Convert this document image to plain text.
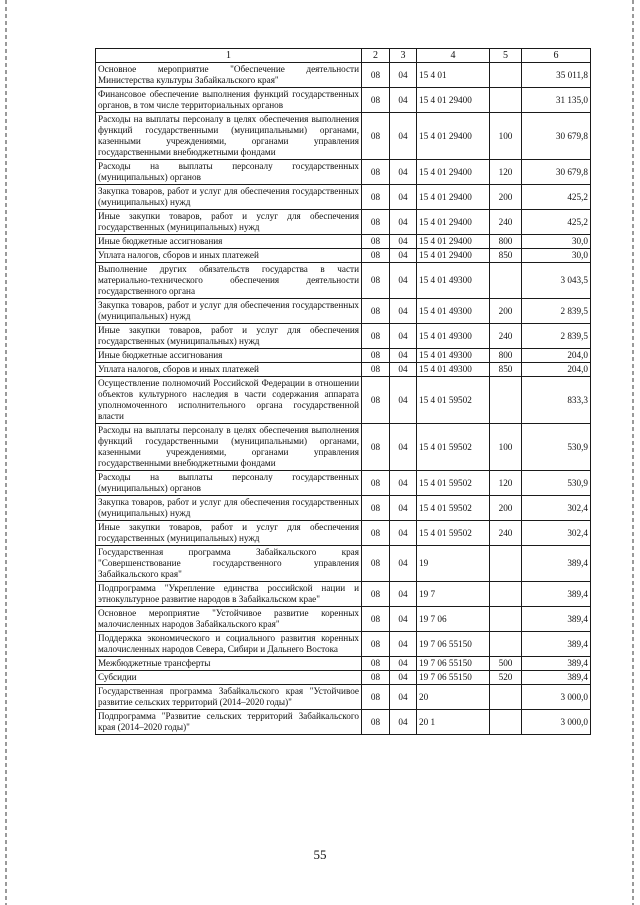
1	2	3	4	5	6
Основное мероприятие "Обеспечение деятельности Министерства культуры Забайкальского края"	08	04	15 4 01		35 011,8
Финансовое обеспечение выполнения функций государственных органов, в том числе территориальных органов	08	04	15 4 01 29400		31 135,0
Расходы на выплаты персоналу в целях обеспечения выполнения функций государственными (муниципальными) органами, казенными учреждениями, органами управления государственными внебюджетными фондами	08	04	15 4 01 29400	100	30 679,8
Расходы на выплаты персоналу государственных (муниципальных) органов	08	04	15 4 01 29400	120	30 679,8
Закупка товаров, работ и услуг для обеспечения государственных (муниципальных) нужд	08	04	15 4 01 29400	200	425,2
Иные закупки товаров, работ и услуг для обеспечения государственных (муниципальных) нужд	08	04	15 4 01 29400	240	425,2
Иные бюджетные ассигнования	08	04	15 4 01 29400	800	30,0
Уплата налогов, сборов и иных платежей	08	04	15 4 01 29400	850	30,0
Выполнение других обязательств государства в части материально-технического обеспечения деятельности государственного органа	08	04	15 4 01 49300		3 043,5
Закупка товаров, работ и услуг для обеспечения государственных (муниципальных) нужд	08	04	15 4 01 49300	200	2 839,5
Иные закупки товаров, работ и услуг для обеспечения государственных (муниципальных) нужд	08	04	15 4 01 49300	240	2 839,5
Иные бюджетные ассигнования	08	04	15 4 01 49300	800	204,0
Уплата налогов, сборов и иных платежей	08	04	15 4 01 49300	850	204,0
Осуществление полномочий Российской Федерации в отношении объектов культурного наследия в части содержания аппарата уполномоченного исполнительного органа государственной власти	08	04	15 4 01 59502		833,3
Расходы на выплаты персоналу в целях обеспечения выполнения функций государственными (муниципальными) органами, казенными учреждениями, органами управления государственными внебюджетными фондами	08	04	15 4 01 59502	100	530,9
Расходы на выплаты персоналу государственных (муниципальных) органов	08	04	15 4 01 59502	120	530,9
Закупка товаров, работ и услуг для обеспечения государственных (муниципальных) нужд	08	04	15 4 01 59502	200	302,4
Иные закупки товаров, работ и услуг для обеспечения государственных (муниципальных) нужд	08	04	15 4 01 59502	240	302,4
Государственная программа Забайкальского края "Совершенствование государственного управления Забайкальского края"	08	04	19		389,4
Подпрограмма "Укрепление единства российской нации и этнокультурное развитие народов в Забайкальском крае"	08	04	19 7		389,4
Основное мероприятие "Устойчивое развитие коренных малочисленных народов Забайкальского края"	08	04	19 7 06		389,4
Поддержка экономического и социального развития коренных малочисленных народов Севера, Сибири и Дальнего Востока	08	04	19 7 06 55150		389,4
Межбюджетные трансферты	08	04	19 7 06 55150	500	389,4
Субсидии	08	04	19 7 06 55150	520	389,4
Государственная программа Забайкальского края "Устойчивое развитие сельских территорий (2014–2020 годы)"	08	04	20		3 000,0
Подпрограмма "Развитие сельских территорий Забайкальского края (2014–2020 годы)"	08	04	20 1		3 000,0
55
